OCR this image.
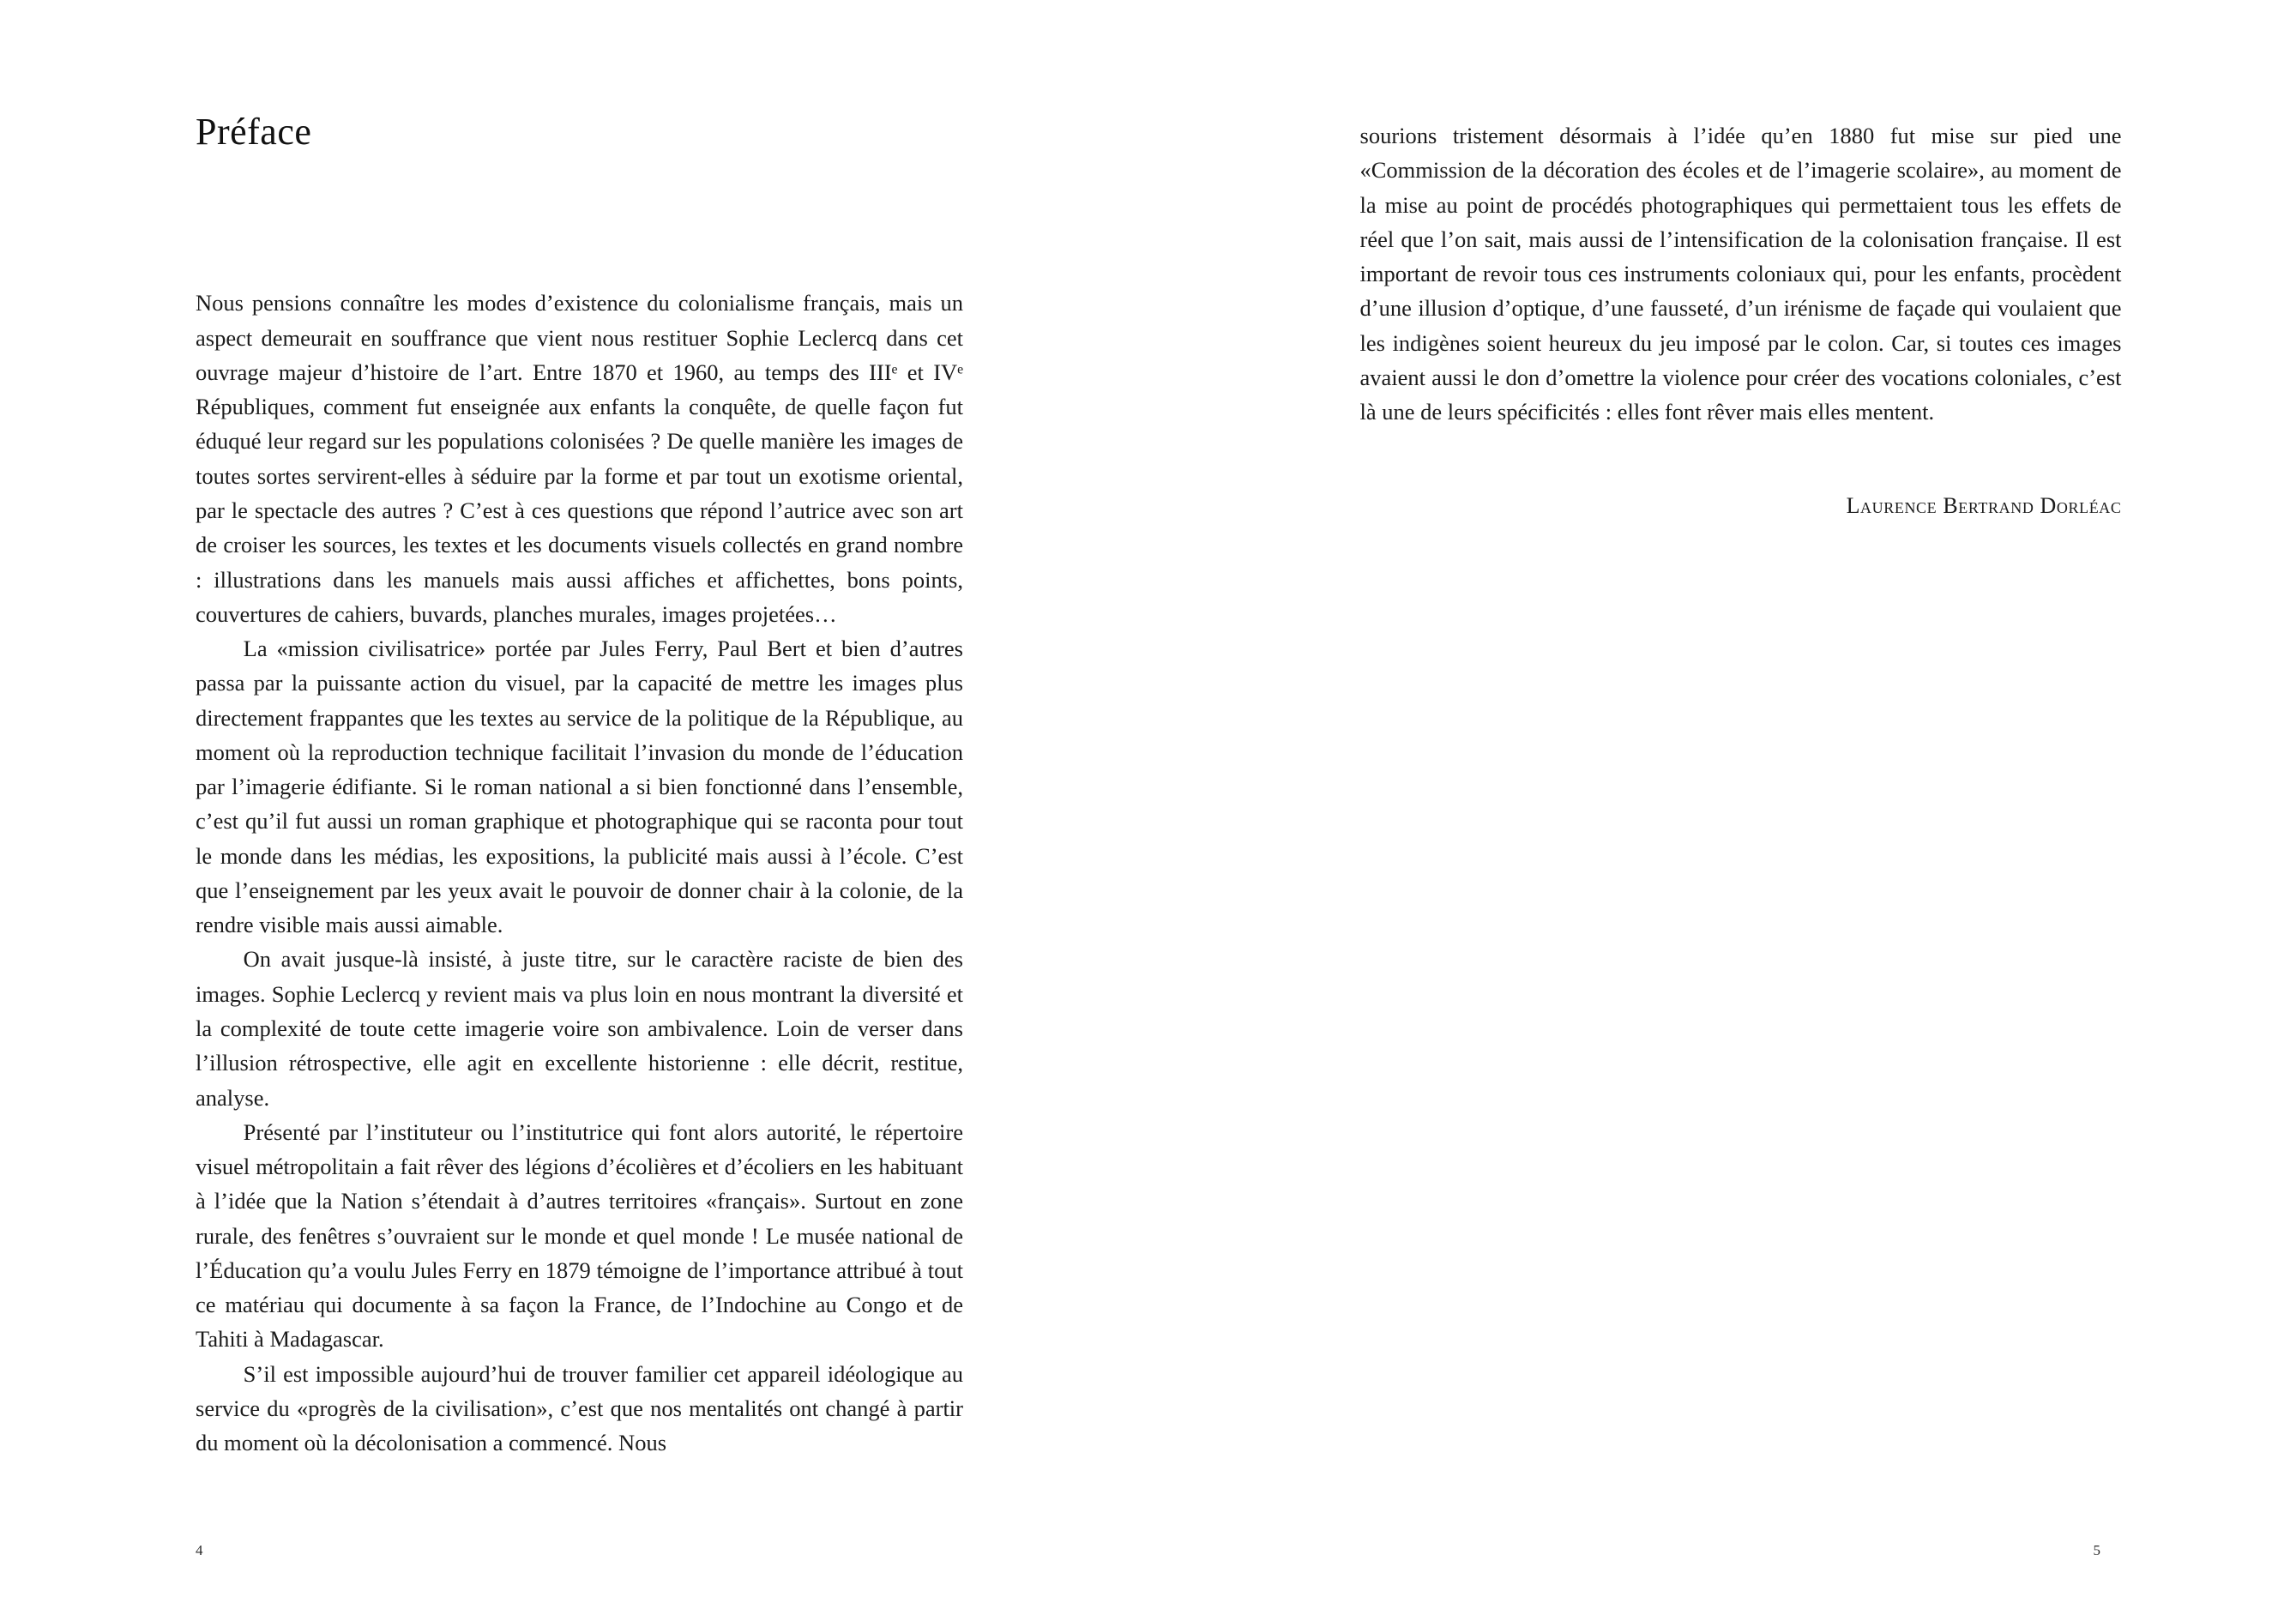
Préface

Nous pensions connaître les modes d’existence du colonialisme français, mais un aspect demeurait en souffrance que vient nous restituer Sophie Leclercq dans cet ouvrage majeur d’histoire de l’art. Entre 1870 et 1960, au temps des IIIᵉ et IVᵉ Républiques, comment fut enseignée aux enfants la conquête, de quelle façon fut éduqué leur regard sur les populations colonisées ? De quelle manière les images de toutes sortes servirent-elles à séduire par la forme et par tout un exotisme oriental, par le spectacle des autres ? C’est à ces questions que répond l’autrice avec son art de croiser les sources, les textes et les documents visuels collectés en grand nombre : illustrations dans les manuels mais aussi affiches et affichettes, bons points, couvertures de cahiers, buvards, planches murales, images projetées…

La «mission civilisatrice» portée par Jules Ferry, Paul Bert et bien d’autres passa par la puissante action du visuel, par la capacité de mettre les images plus directement frappantes que les textes au service de la politique de la République, au moment où la reproduction technique facilitait l’invasion du monde de l’éducation par l’imagerie édifiante. Si le roman national a si bien fonctionné dans l’ensemble, c’est qu’il fut aussi un roman graphique et photographique qui se raconta pour tout le monde dans les médias, les expositions, la publicité mais aussi à l’école. C’est que l’enseignement par les yeux avait le pouvoir de donner chair à la colonie, de la rendre visible mais aussi aimable.

On avait jusque-là insisté, à juste titre, sur le caractère raciste de bien des images. Sophie Leclercq y revient mais va plus loin en nous montrant la diversité et la complexité de toute cette imagerie voire son ambivalence. Loin de verser dans l’illusion rétrospective, elle agit en excellente historienne : elle décrit, restitue, analyse.

Présenté par l’instituteur ou l’institutrice qui font alors autorité, le répertoire visuel métropolitain a fait rêver des légions d’écolières et d’écoliers en les habituant à l’idée que la Nation s’étendait à d’autres territoires «français». Surtout en zone rurale, des fenêtres s’ouvraient sur le monde et quel monde ! Le musée national de l’Éducation qu’a voulu Jules Ferry en 1879 témoigne de l’importance attribué à tout ce matériau qui documente à sa façon la France, de l’Indochine au Congo et de Tahiti à Madagascar.

S’il est impossible aujourd’hui de trouver familier cet appareil idéologique au service du «progrès de la civilisation», c’est que nos mentalités ont changé à partir du moment où la décolonisation a commencé. Nous

4

sourions tristement désormais à l’idée qu’en 1880 fut mise sur pied une «Commission de la décoration des écoles et de l’imagerie scolaire», au moment de la mise au point de procédés photographiques qui permettaient tous les effets de réel que l’on sait, mais aussi de l’intensification de la colonisation française. Il est important de revoir tous ces instruments coloniaux qui, pour les enfants, procèdent d’une illusion d’optique, d’une fausseté, d’un irénisme de façade qui voulaient que les indigènes soient heureux du jeu imposé par le colon. Car, si toutes ces images avaient aussi le don d’omettre la violence pour créer des vocations coloniales, c’est là une de leurs spécificités : elles font rêver mais elles mentent.

Laurence Bertrand Dorléac
5
